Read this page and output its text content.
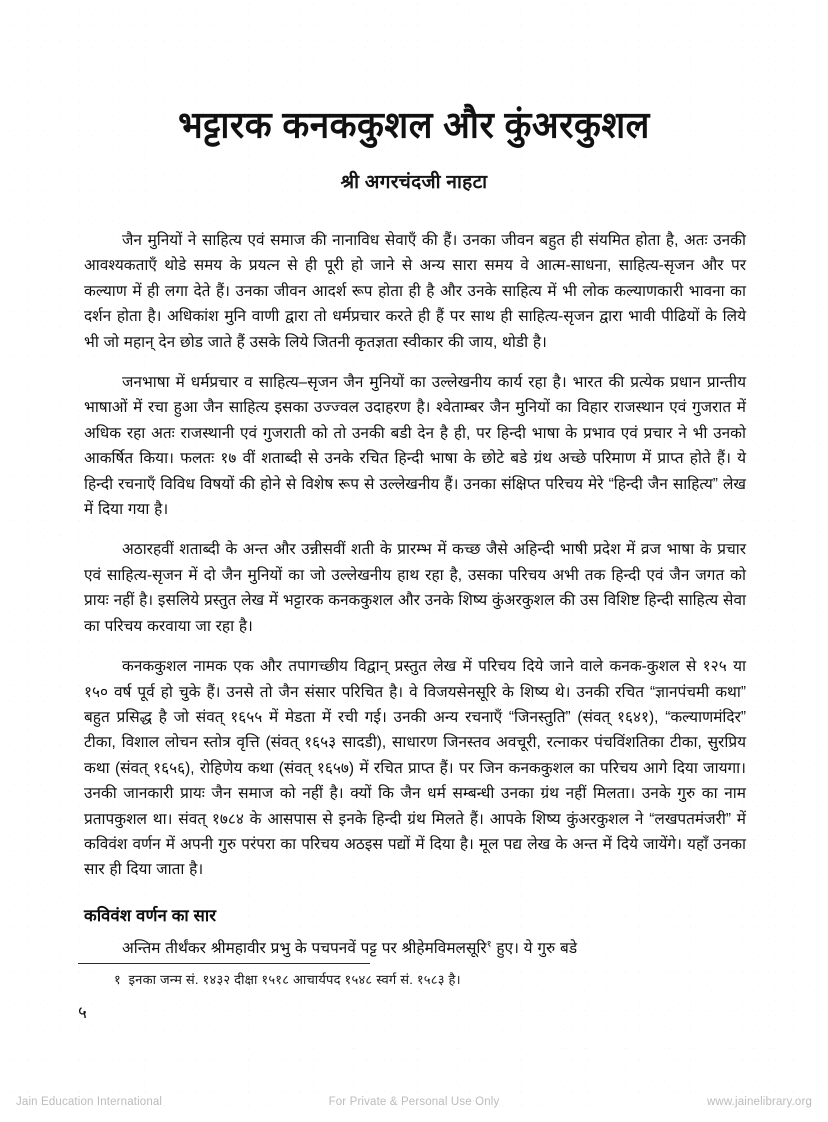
भट्टारक कनककुशल और कुंअरकुशल
श्री अगरचंदजी नाहटा

जैन मुनियों ने साहित्य एवं समाज की नानाविध सेवाएँ की हैं। उनका जीवन बहुत ही संयमित होता है, अतः उनकी आवश्यकताएँ थोडे समय के प्रयत्न से ही पूरी हो जाने से अन्य सारा समय वे आत्म-साधना, साहित्य-सृजन और पर कल्याण में ही लगा देते हैं। उनका जीवन आदर्श रूप होता ही है और उनके साहित्य में भी लोक कल्याणकारी भावना का दर्शन होता है। अधिकांश मुनि वाणी द्वारा तो धर्मप्रचार करते ही हैं पर साथ ही साहित्य-सृजन द्वारा भावी पीढियों के लिये भी जो महान् देन छोड जाते हैं उसके लिये जितनी कृतज्ञता स्वीकार की जाय, थोडी है।

जनभाषा में धर्मप्रचार व साहित्य–सृजन जैन मुनियों का उल्लेखनीय कार्य रहा है। भारत की प्रत्येक प्रधान प्रान्तीय भाषाओं में रचा हुआ जैन साहित्य इसका उज्ज्वल उदाहरण है। श्वेताम्बर जैन मुनियों का विहार राजस्थान एवं गुजरात में अधिक रहा अतः राजस्थानी एवं गुजराती को तो उनकी बडी देन है ही, पर हिन्दी भाषा के प्रभाव एवं प्रचार ने भी उनको आकर्षित किया। फलतः १७ वीं शताब्दी से उनके रचित हिन्दी भाषा के छोटे बडे ग्रंथ अच्छे परिमाण में प्राप्त होते हैं। ये हिन्दी रचनाएँ विविध विषयों की होने से विशेष रूप से उल्लेखनीय हैं। उनका संक्षिप्त परिचय मेरे “हिन्दी जैन साहित्य” लेख में दिया गया है।

अठारहवीं शताब्दी के अन्त और उन्नीसवीं शती के प्रारम्भ में कच्छ जैसे अहिन्दी भाषी प्रदेश में व्रज भाषा के प्रचार एवं साहित्य-सृजन में दो जैन मुनियों का जो उल्लेखनीय हाथ रहा है, उसका परिचय अभी तक हिन्दी एवं जैन जगत को प्रायः नहीं है। इसलिये प्रस्तुत लेख में भट्टारक कनककुशल और उनके शिष्य कुंअरकुशल की उस विशिष्ट हिन्दी साहित्य सेवा का परिचय करवाया जा रहा है।

कनककुशल नामक एक और तपागच्छीय विद्वान् प्रस्तुत लेख में परिचय दिये जाने वाले कनक-कुशल से १२५ या १५० वर्ष पूर्व हो चुके हैं। उनसे तो जैन संसार परिचित है। वे विजयसेनसूरि के शिष्य थे। उनकी रचित “ज्ञानपंचमी कथा” बहुत प्रसिद्ध है जो संवत् १६५५ में मेडता में रची गई। उनकी अन्य रचनाएँ “जिनस्तुति” (संवत् १६४१), “कल्याणमंदिर” टीका, विशाल लोचन स्तोत्र वृत्ति (संवत् १६५३ सादडी), साधारण जिनस्तव अवचूरी, रत्नाकर पंचविंशतिका टीका, सुरप्रिय कथा (संवत् १६५६), रोहिणेय कथा (संवत् १६५७) में रचित प्राप्त हैं। पर जिन कनककुशल का परिचय आगे दिया जायगा। उनकी जानकारी प्रायः जैन समाज को नहीं है। क्यों कि जैन धर्म सम्बन्धी उनका ग्रंथ नहीं मिलता। उनके गुरु का नाम प्रतापकुशल था। संवत् १७८४ के आसपास से इनके हिन्दी ग्रंथ मिलते हैं। आपके शिष्य कुंअरकुशल ने “लखपतमंजरी” में कविवंश वर्णन में अपनी गुरु परंपरा का परिचय अठइस पद्यों में दिया है। मूल पद्य लेख के अन्त में दिये जायेंगे। यहाँ उनका सार ही दिया जाता है।

कविवंश वर्णन का सार

अन्तिम तीर्थंकर श्रीमहावीर प्रभु के पचपनवें पट्ट पर श्रीहेमविमलसूरि$^१$ हुए। ये गुरु बडे

१ इनका जन्म सं. १४३२ दीक्षा १५१८ आचार्यपद १५४८ स्वर्ग सं. १५८३ है।

५
Jain Education International	For Private & Personal Use Only	www.jainelibrary.org
